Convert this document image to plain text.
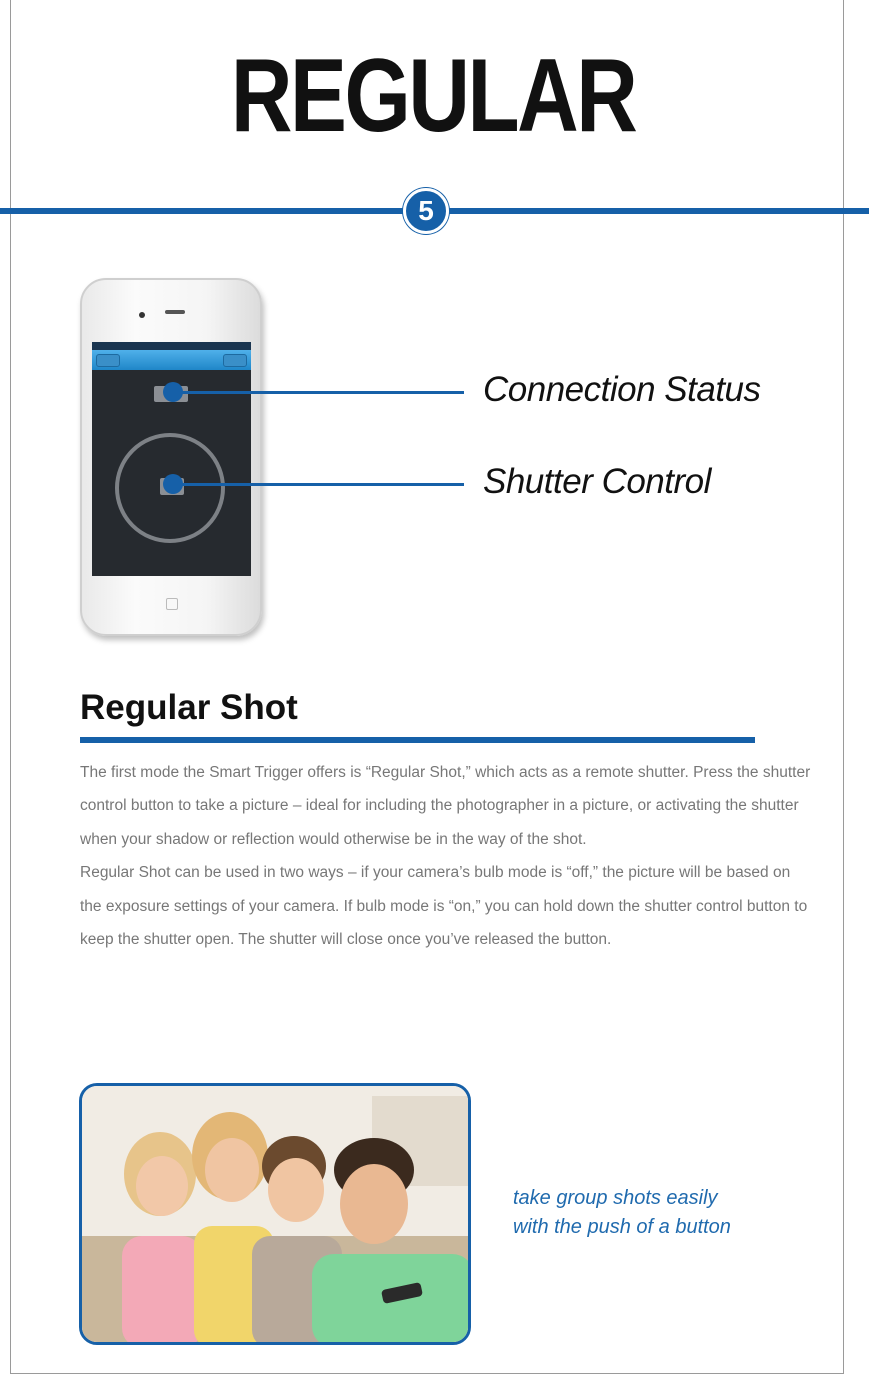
REGULAR
5
Connection Status
Shutter Control
Regular Shot

The first mode the Smart Trigger offers is “Regular Shot,” which acts as a remote shutter. Press the shutter control button to take a picture – ideal for including the photographer in a picture, or activating the shutter when your shadow or reflection would otherwise be in the way of the shot.

Regular Shot can be used in two ways – if your camera’s bulb mode is “off,” the picture will be based on the exposure settings of your camera. If bulb mode is “on,” you can hold down the shutter control button to keep the shutter open. The shutter will close once you’ve released the button.

take group shots easily
with the push of a button
